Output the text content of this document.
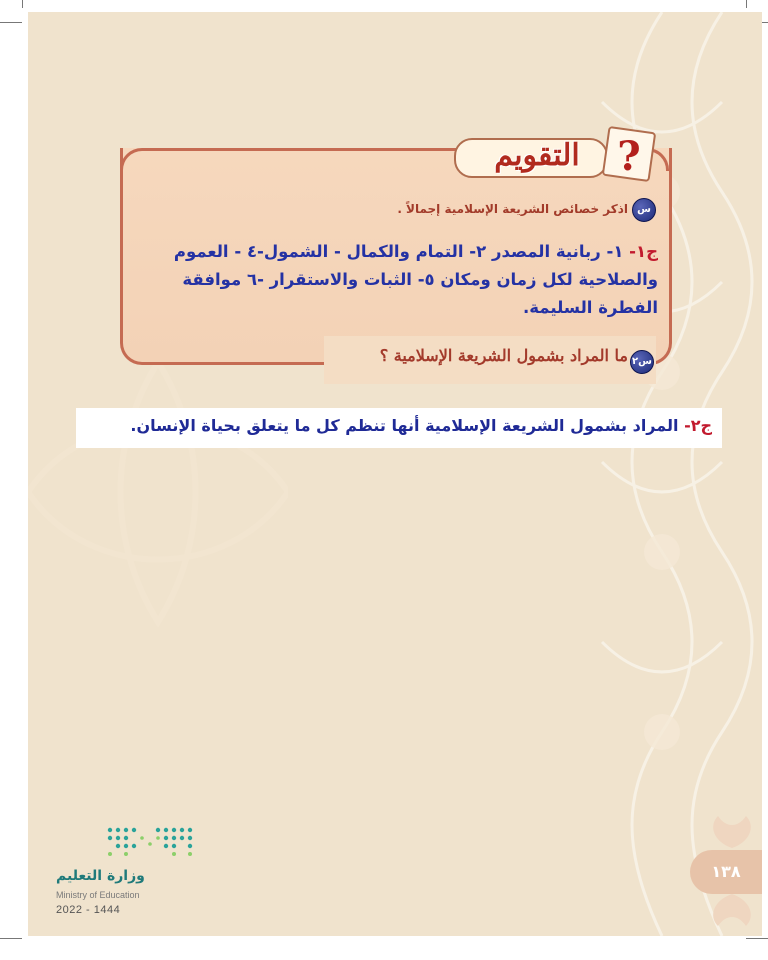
التقويم ?
س
اذكر خصائص الشريعة الإسلامية إجمالاً .
ج١- ١- ربانية المصدر ٢- التمام والكمال - الشمول-٤ - العموم والصلاحية لكل زمان ومكان ٥- الثبات والاستقرار -٦ موافقة الفطرة السليمة.
س٢
ما المراد بشمول الشريعة الإسلامية ؟
ج٢- المراد بشمول الشريعة الإسلامية أنها تنظم كل ما يتعلق بحياة الإنسان.
١٣٨
وزارة التعليم
Ministry of Education
2022 - 1444
